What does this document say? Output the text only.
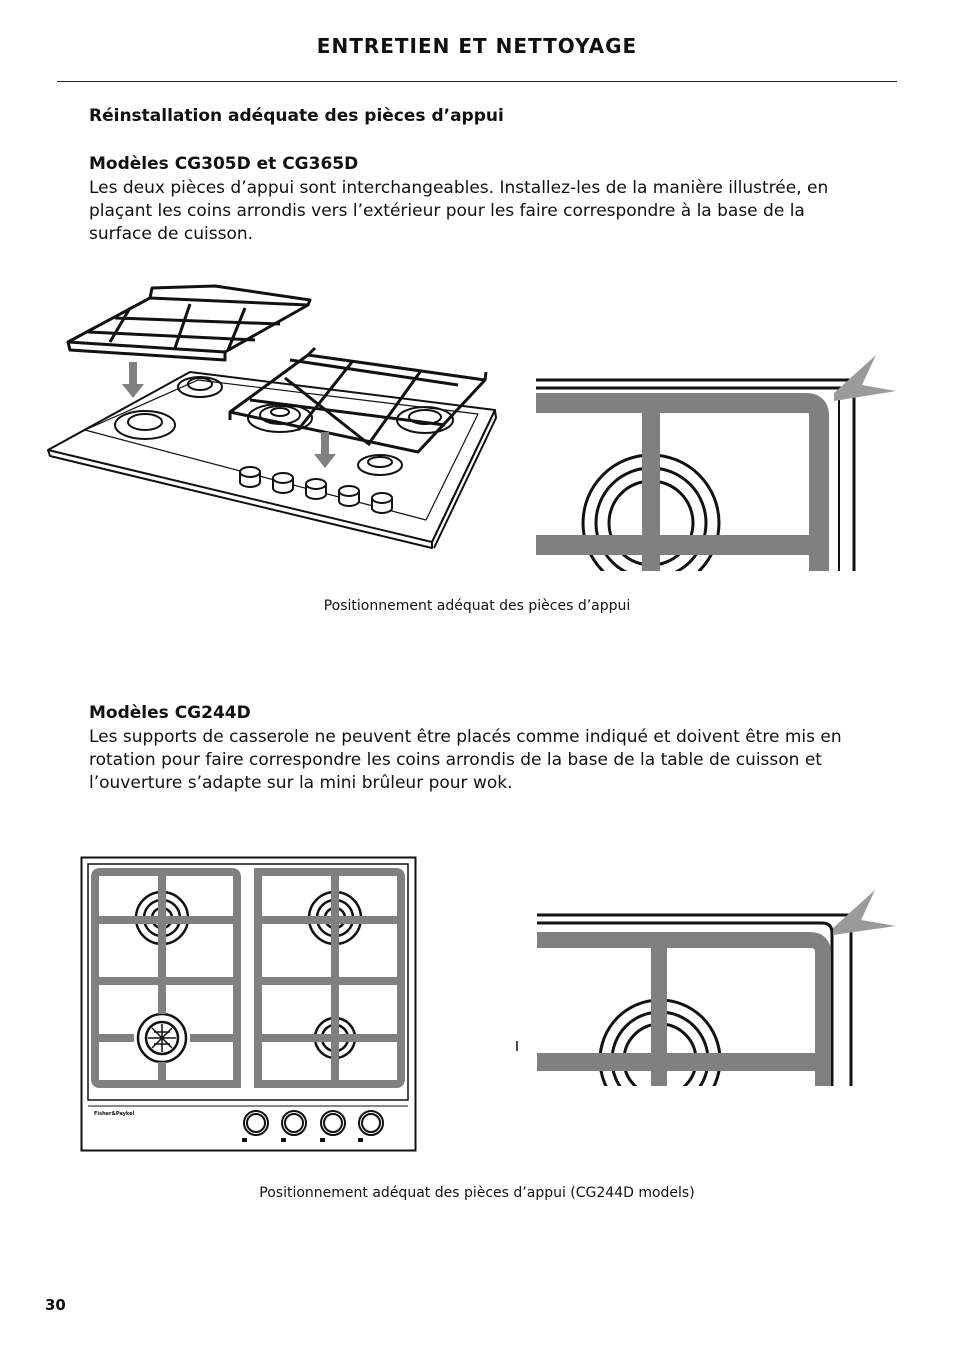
ENTRETIEN ET NETTOYAGE
Réinstallation adéquate des pièces d’appui
Modèles CG305D et CG365D
Les deux pièces d’appui sont interchangeables. Installez-les de la manière illustrée, en
plaçant les coins arrondis vers l’extérieur pour les faire correspondre à la base de la
surface de cuisson.
Positionnement adéquat des pièces d’appui
Modèles CG244D
Les supports de casserole ne peuvent être placés comme indiqué et doivent être mis en
rotation pour faire correspondre les coins arrondis de la base de la table de cuisson et
l’ouverture s’adapte sur la mini brûleur pour wok.
Fisher&Paykel
Positionnement adéquat des pièces d’appui (CG244D models)
30
